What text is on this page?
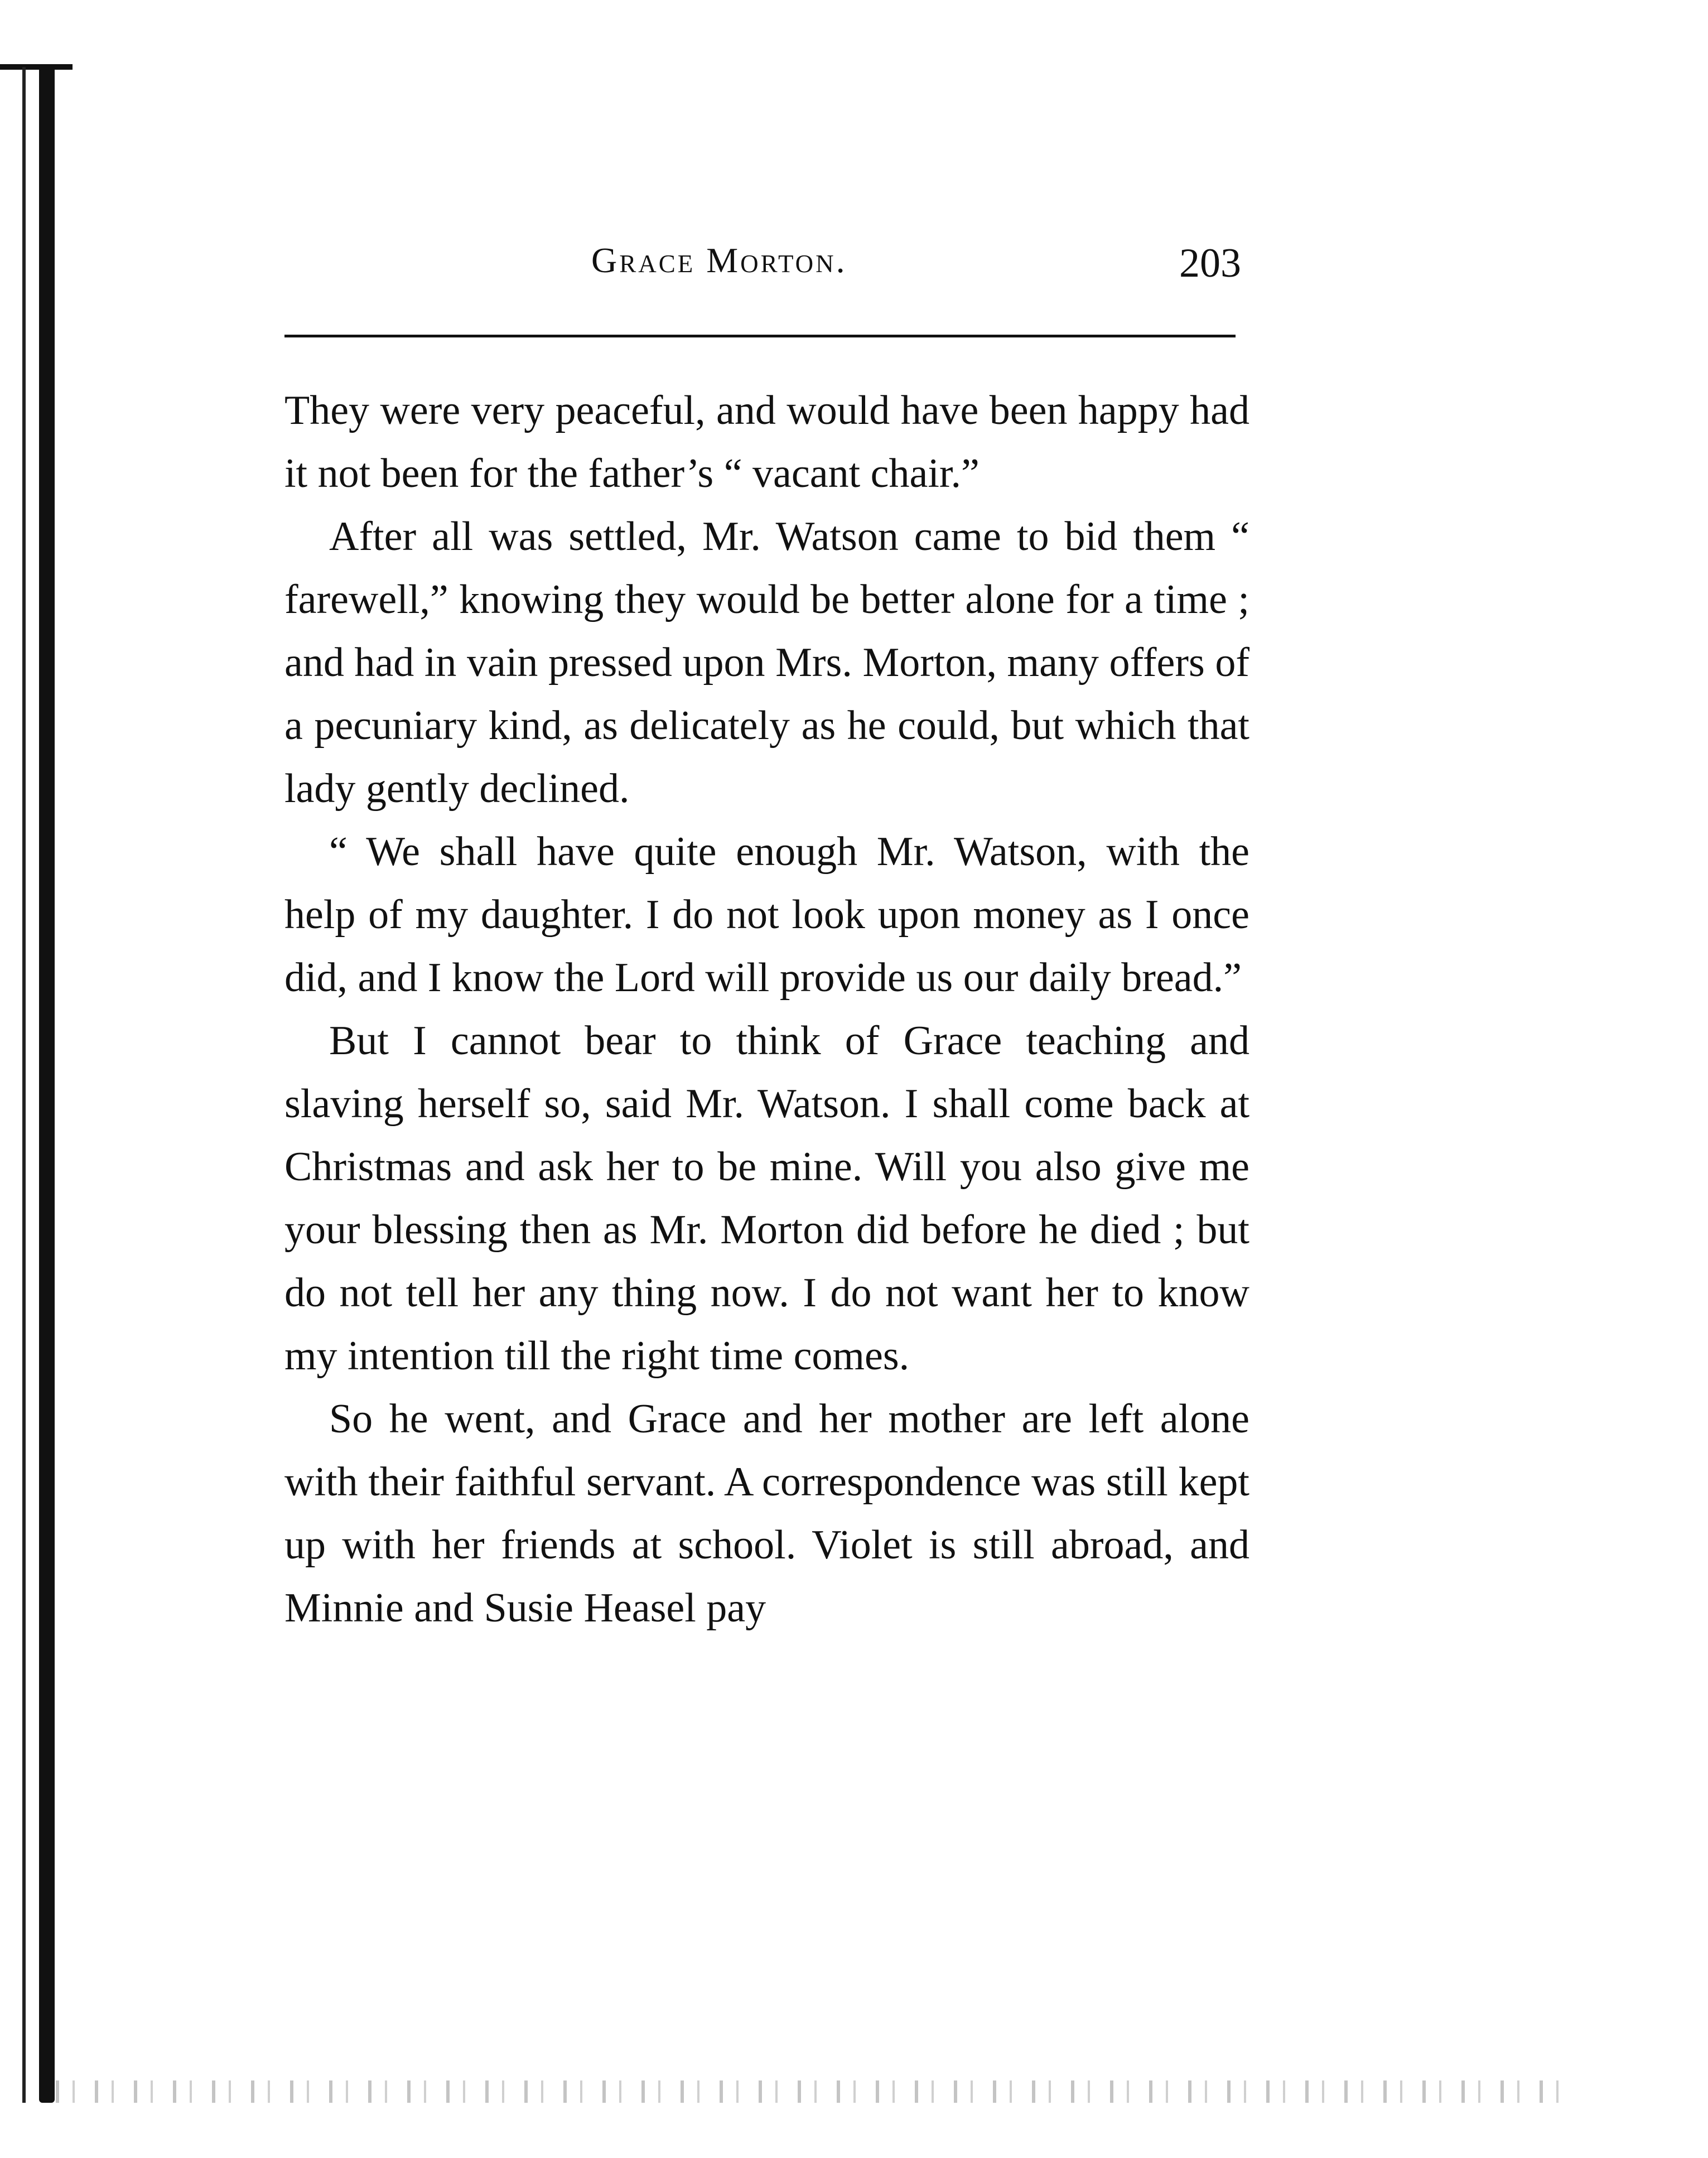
Grace Morton.	203

They were very peaceful, and would have been happy had it not been for the father’s “ vacant chair.”

After all was settled, Mr. Watson came to bid them “ farewell,” knowing they would be better alone for a time ; and had in vain pressed upon Mrs. Morton, many offers of a pecuniary kind, as delicately as he could, but which that lady gently declined.

“ We shall have quite enough Mr. Watson, with the help of my daughter. I do not look upon money as I once did, and I know the Lord will provide us our daily bread.”

But I cannot bear to think of Grace teaching and slaving herself so, said Mr. Watson. I shall come back at Christmas and ask her to be mine. Will you also give me your blessing then as Mr. Morton did before he died ; but do not tell her any thing now. I do not want her to know my intention till the right time comes.

So he went, and Grace and her mother are left alone with their faithful servant. A correspondence was still kept up with her friends at school. Violet is still abroad, and Minnie and Susie Heasel pay
